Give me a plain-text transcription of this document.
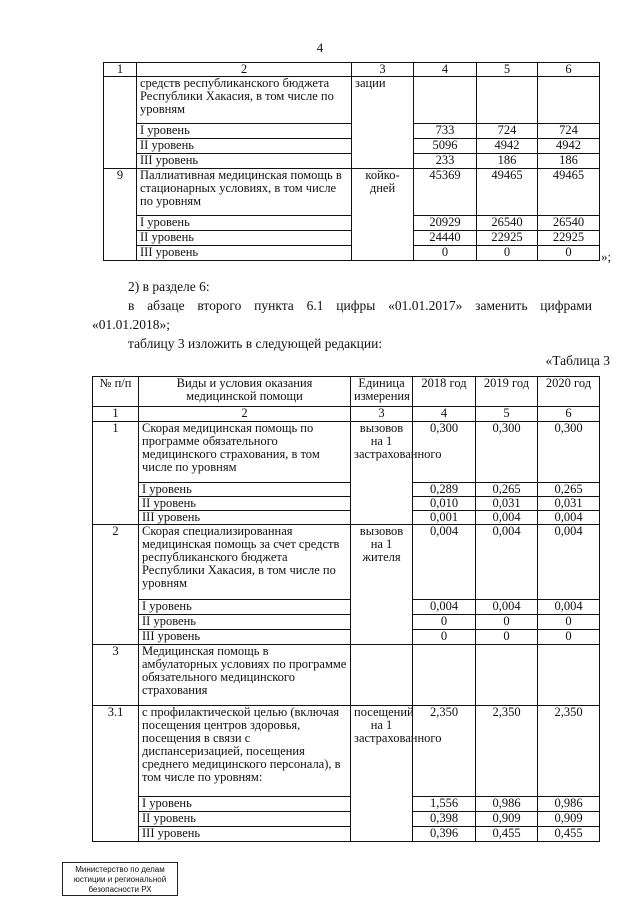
4
1	2	3	4	5	6
	средств республиканского бюджета Республики Хакасия, в том числе по уровням	зации			
	I уровень		733	724	724
	II уровень		5096	4942	4942
	III уровень		233	186	186
9	Паллиативная медицинская помощь в стационарных условиях, в том числе по уровням	койко-дней	45369	49465	49465
	I уровень		20929	26540	26540
	II уровень		24440	22925	22925
	III уровень		0	0	0 »;
2) в разделе 6:
в абзаце второго пункта 6.1 цифры «01.01.2017» заменить цифрами «01.01.2018»;
таблицу 3 изложить в следующей редакции:
«Таблица 3
№ п/п	Виды и условия оказания медицинской помощи	Единица измерения	2018 год	2019 год	2020 год
1	2	3	4	5	6
1	Скорая медицинская помощь по программе обязательного медицинского страхования, в том числе по уровням	вызовов на 1 застрахованного	0,300	0,300	0,300
	I уровень		0,289	0,265	0,265
	II уровень		0,010	0,031	0,031
	III уровень		0,001	0,004	0,004
2	Скорая специализированная медицинская помощь за счет средств республиканского бюджета Республики Хакасия, в том числе по уровням	вызовов на 1 жителя	0,004	0,004	0,004
	I уровень		0,004	0,004	0,004
	II уровень		0	0	0
	III уровень		0	0	0
3	Медицинская помощь в амбулаторных условиях по программе обязательного медицинского страхования				
3.1	с профилактической целью (включая посещения центров здоровья, посещения в связи с диспансеризацией, посещения среднего медицинского персонала), в том числе по уровням:	посещений на 1 застрахованного	2,350	2,350	2,350
	I уровень		1,556	0,986	0,986
	II уровень		0,398	0,909	0,909
	III уровень		0,396	0,455	0,455
Министерство по делам
юстиции и региональной
безопасности РХ
